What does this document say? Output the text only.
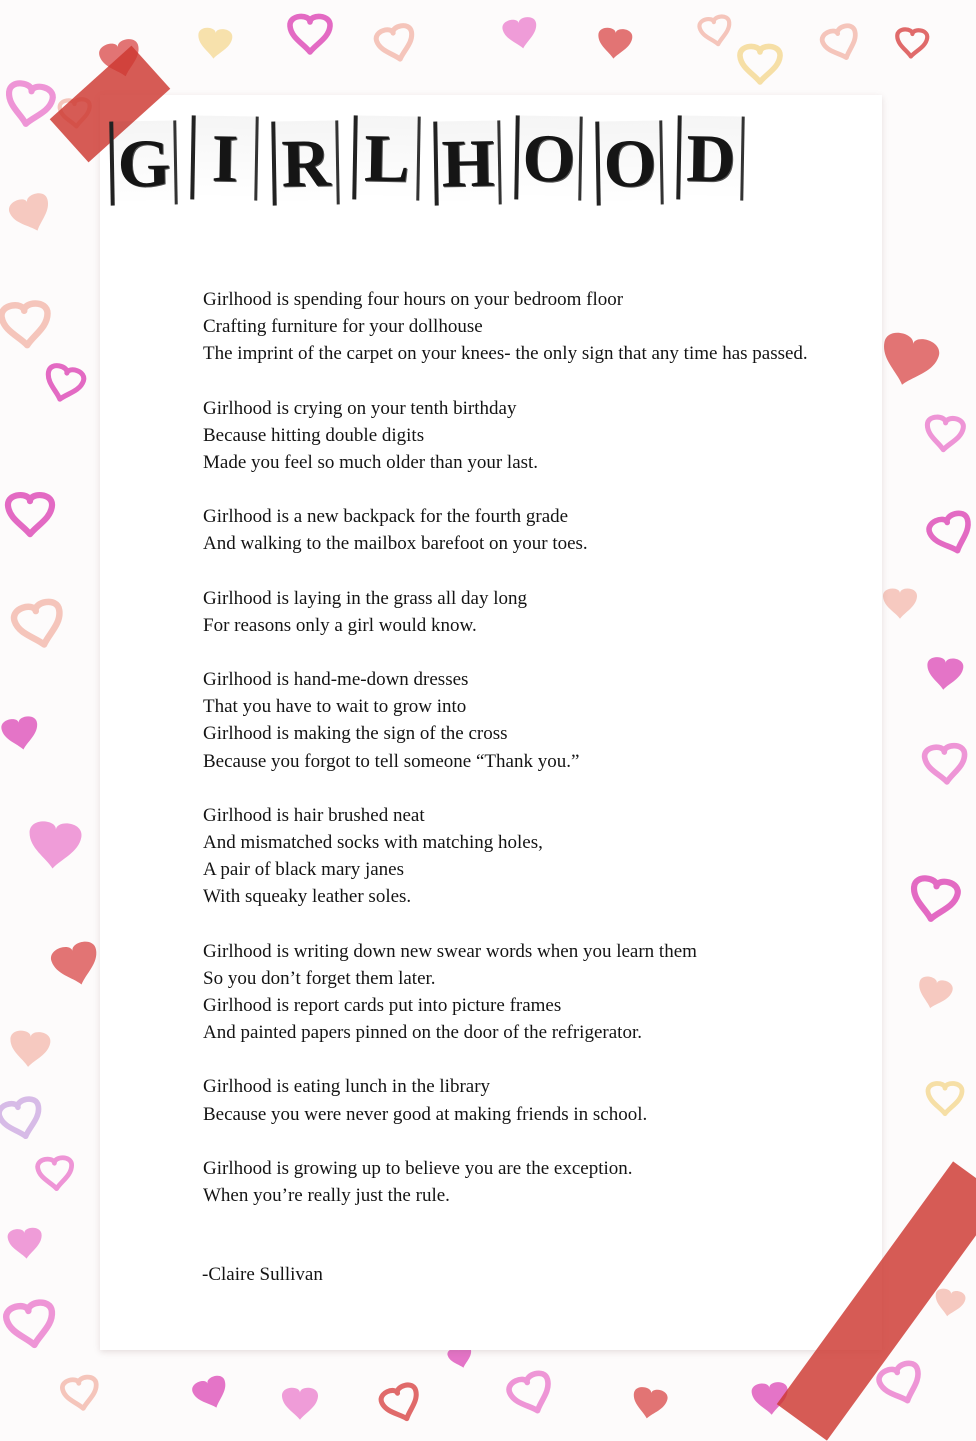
G I R L H O O D
Girlhood is spending four hours on your bedroom floor
Crafting furniture for your dollhouse
The imprint of the carpet on your knees- the only sign that any time has passed.
Girlhood is crying on your tenth birthday
Because hitting double digits
Made you feel so much older than your last.
Girlhood is a new backpack for the fourth grade
And walking to the mailbox barefoot on your toes.
Girlhood is laying in the grass all day long
For reasons only a girl would know.
Girlhood is hand-me-down dresses
That you have to wait to grow into
Girlhood is making the sign of the cross
Because you forgot to tell someone “Thank you.”
Girlhood is hair brushed neat
And mismatched socks with matching holes,
A pair of black mary janes
With squeaky leather soles.
Girlhood is writing down new swear words when you learn them
So you don’t forget them later.
Girlhood is report cards put into picture frames
And painted papers pinned on the door of the refrigerator.
Girlhood is eating lunch in the library
Because you were never good at making friends in school.
Girlhood is growing up to believe you are the exception.
When you’re really just the rule.
-Claire Sullivan
